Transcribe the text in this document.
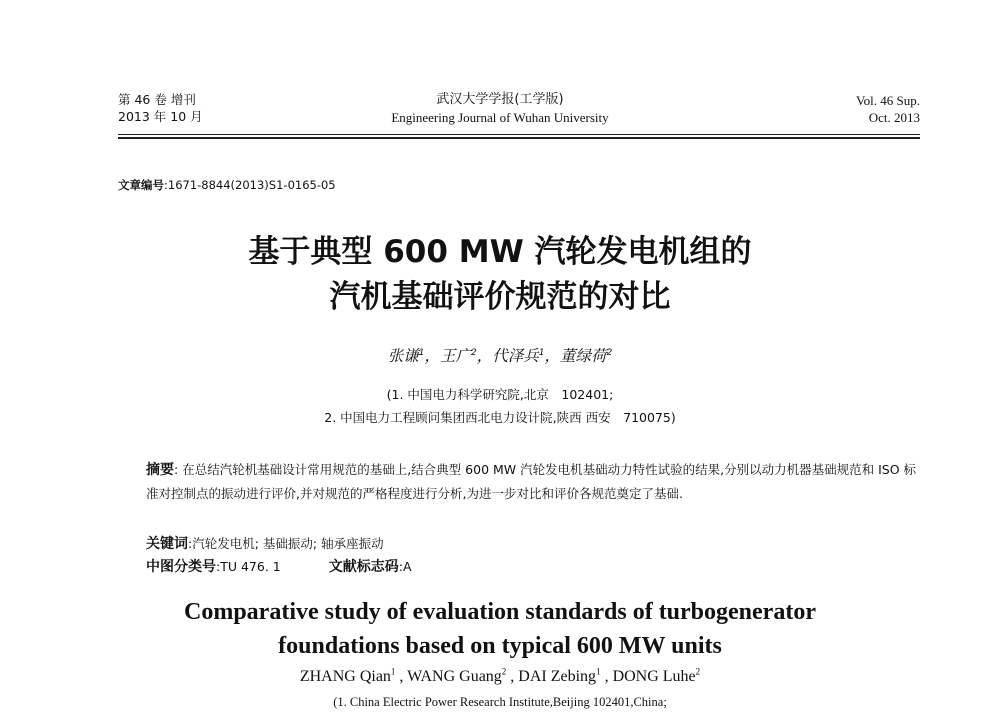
第 46 卷 增刊
2013 年 10 月
武汉大学学报(工学版)
Engineering Journal of Wuhan University
Vol. 46 Sup.
Oct. 2013
文章编号:1671-8844(2013)S1-0165-05
基于典型 600 MW 汽轮发电机组的
汽机基础评价规范的对比
张谦$^1$，王广$^2$，代泽兵$^1$，董绿荷$^2$
(1. 中国电力科学研究院,北京　102401;
2. 中国电力工程顾问集团西北电力设计院,陕西 西安　710075)
摘要: 在总结汽轮机基础设计常用规范的基础上,结合典型 600 MW 汽轮发电机基础动力特性试验的结果,分别以动力机器基础规范和 ISO 标准对控制点的振动进行评价,并对规范的严格程度进行分析,为进一步对比和评价各规范奠定了基础.
关键词:汽轮发电机; 基础振动; 轴承座振动
中图分类号:TU 476. 1	文献标志码:A
Comparative study of evaluation standards of turbogenerator
foundations based on typical 600 MW units
ZHANG Qian$^1$ , WANG Guang$^2$ , DAI Zebing$^1$ , DONG Luhe$^2$
(1. China Electric Power Research Institute,Beijing 102401,China;
